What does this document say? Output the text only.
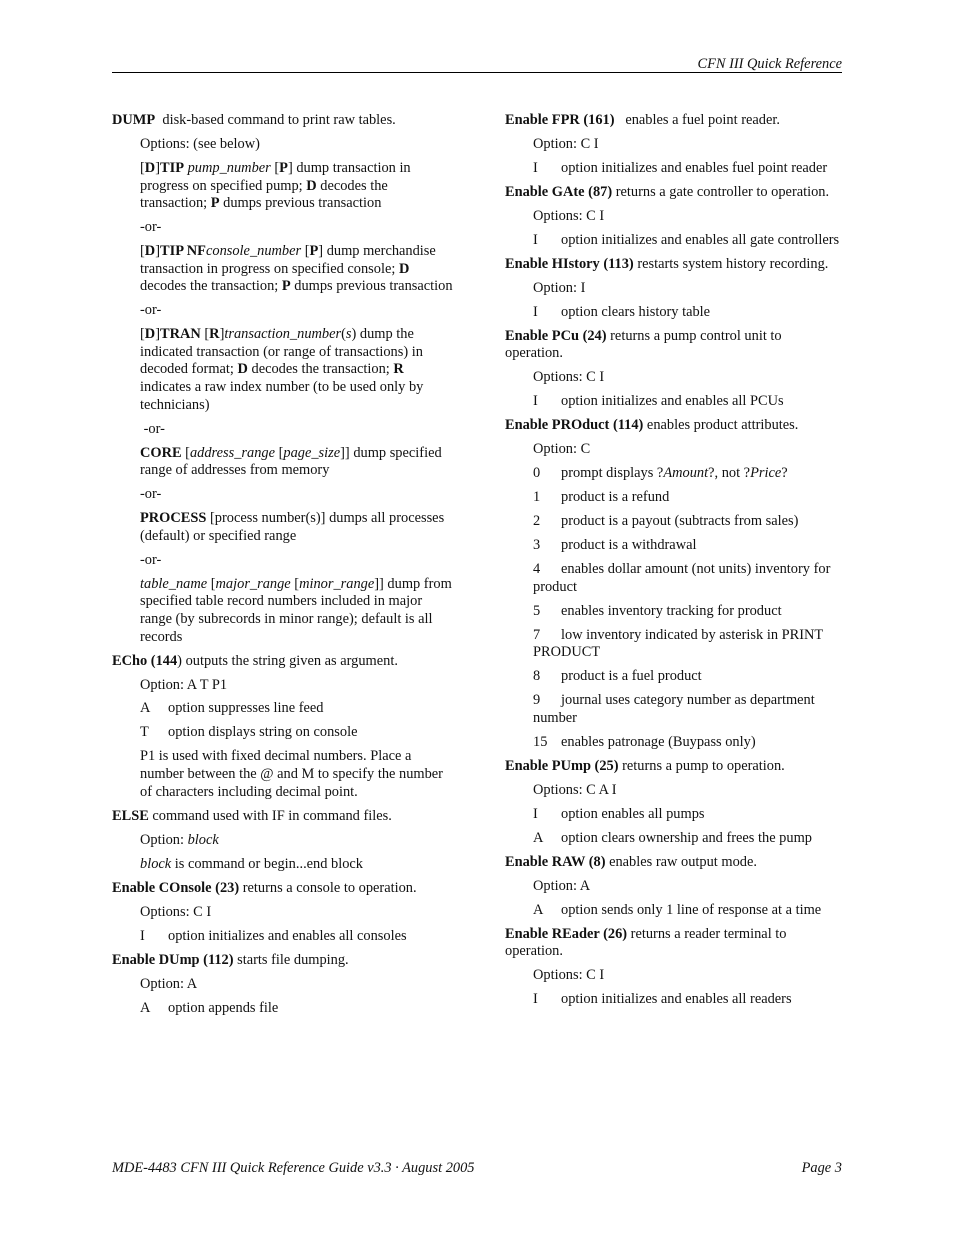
CFN III Quick Reference
DUMP disk-based command to print raw tables.
Options: (see below)
[D]TIP pump_number [P] dump transaction in progress on specified pump; D decodes the transaction; P dumps previous transaction
-or-
[D]TIP NFconsole_number [P] dump merchandise transaction in progress on specified console; D decodes the transaction; P dumps previous transaction
-or-
[D]TRAN [R]transaction_number(s) dump the indicated transaction (or range of transactions) in decoded format; D decodes the transaction; R indicates a raw index number (to be used only by technicians)
-or-
CORE [address_range [page_size]] dump specified range of addresses from memory
-or-
PROCESS [process number(s)] dumps all processes (default) or specified range
-or-
table_name [major_range [minor_range]] dump from specified table record numbers included in major range (by subrecords in minor range); default is all records
ECho (144) outputs the string given as argument.
Option: A T P1
A option suppresses line feed
T option displays string on console
P1 is used with fixed decimal numbers. Place a number between the @ and M to specify the number of characters including decimal point.
ELSE command used with IF in command files.
Option: block
block is command or begin...end block
Enable COnsole (23) returns a console to operation.
Options: C I
I option initializes and enables all consoles
Enable DUmp (112) starts file dumping.
Option: A
A option appends file
Enable FPR (161)   enables a fuel point reader.
Option: C I
I option initializes and enables fuel point reader
Enable GAte (87) returns a gate controller to operation.
Options: C I
I option initializes and enables all gate controllers
Enable HIstory (113) restarts system history recording.
Option: I
I option clears history table
Enable PCu (24) returns a pump control unit to operation.
Options: C I
I option initializes and enables all PCUs
Enable PROduct (114) enables product attributes.
Option: C
0 prompt displays ?Amount?, not ?Price?
1 product is a refund
2 product is a payout (subtracts from sales)
3 product is a withdrawal
4 enables dollar amount (not units) inventory for product
5 enables inventory tracking for product
7 low inventory indicated by asterisk in PRINT PRODUCT
8 product is a fuel product
9 journal uses category number as department number
15 enables patronage (Buypass only)
Enable PUmp (25) returns a pump to operation.
Options: C A I
I option enables all pumps
A option clears ownership and frees the pump
Enable RAW (8) enables raw output mode.
Option: A
A option sends only 1 line of response at a time
Enable REader (26) returns a reader terminal to operation.
Options: C I
I option initializes and enables all readers
MDE-4483 CFN III Quick Reference Guide v3.3 · August 2005	Page 3
